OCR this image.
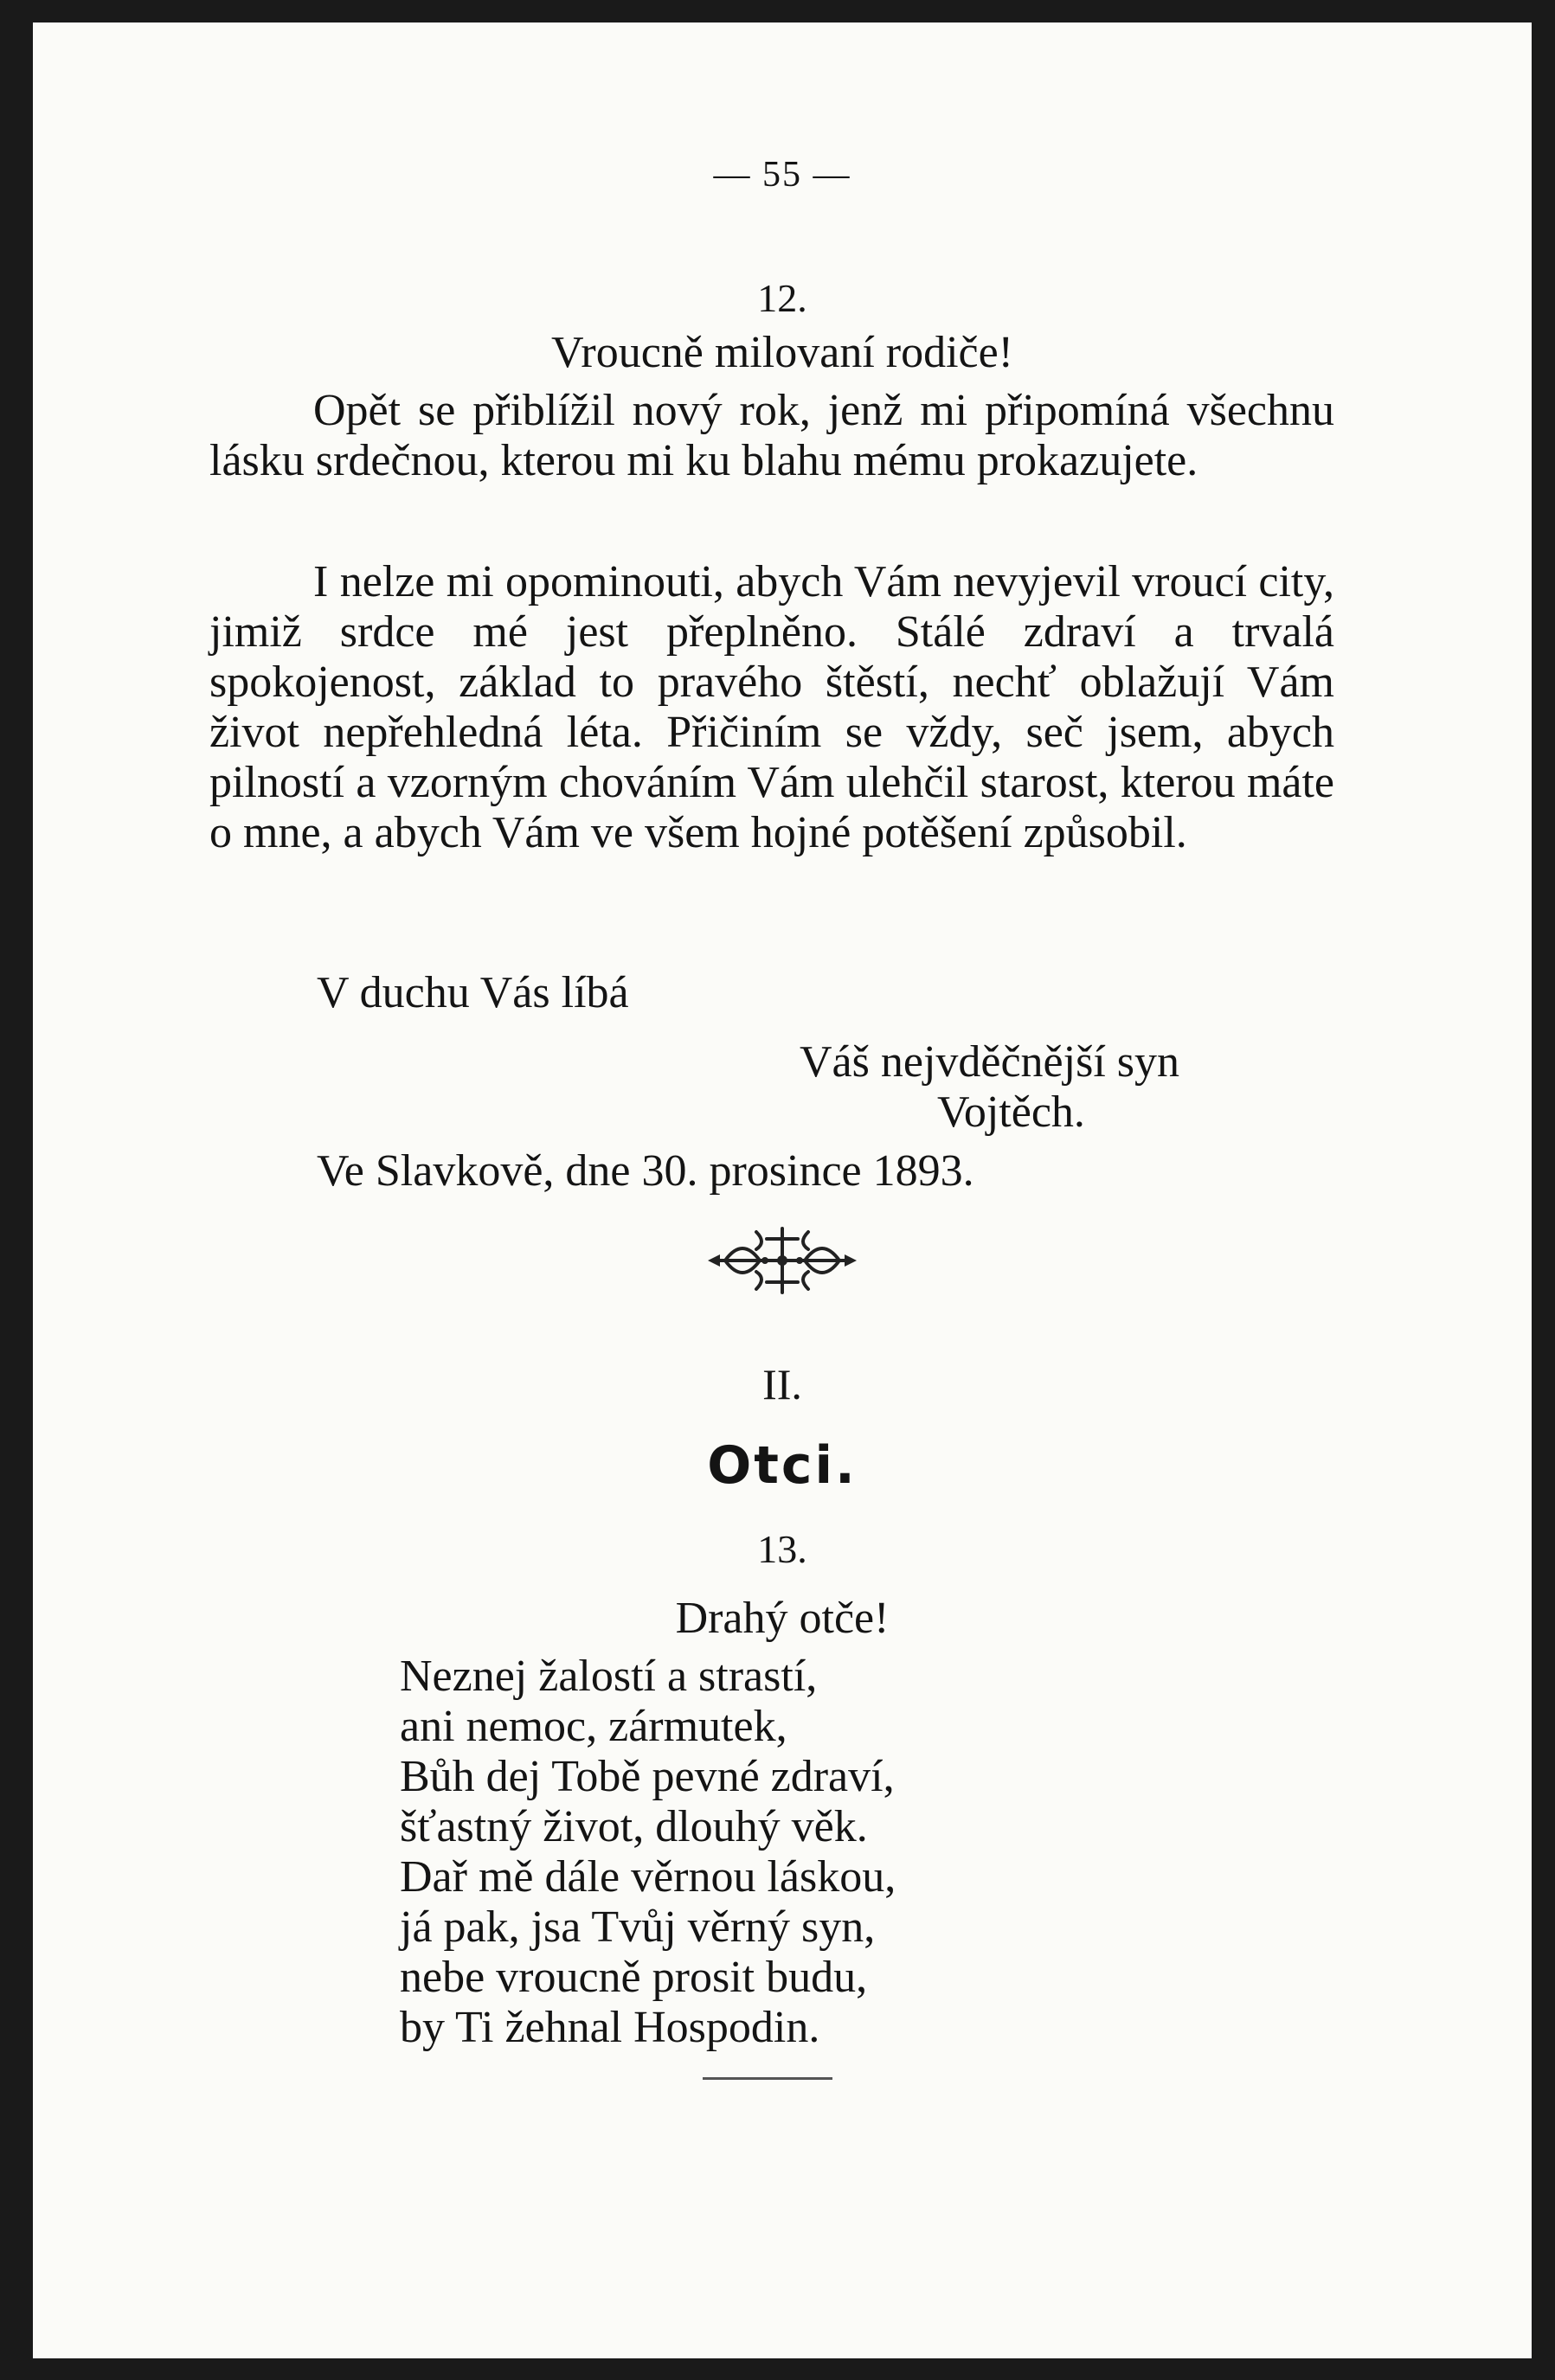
— 55 —
12.
Vroucně milovaní rodiče!
Opět se přiblížil nový rok, jenž mi připomíná všechnu lásku srdečnou, kterou mi ku blahu mému prokazujete.
I nelze mi opominouti, abych Vám nevyjevil vroucí city, jimiž srdce mé jest přeplněno. Stálé zdraví a trvalá spokojenost, základ to pravého štěstí, nechť oblažují Vám život nepřehledná léta. Přičiním se vždy, seč jsem, abych pilností a vzorným chováním Vám ulehčil starost, kterou máte o mne, a abych Vám ve všem hojné potěšení způsobil.
V duchu Vás líbá
Váš nejvděčnější syn
Vojtěch.
Ve Slavkově, dne 30. prosince 1893.
II.
Otci.
13.
Drahý otče!
Neznej žalostí a strastí,
ani nemoc, zármutek,
Bůh dej Tobě pevné zdraví,
šťastný život, dlouhý věk.
Dař mě dále věrnou láskou,
já pak, jsa Tvůj věrný syn,
nebe vroucně prosit budu,
by Ti žehnal Hospodin.
